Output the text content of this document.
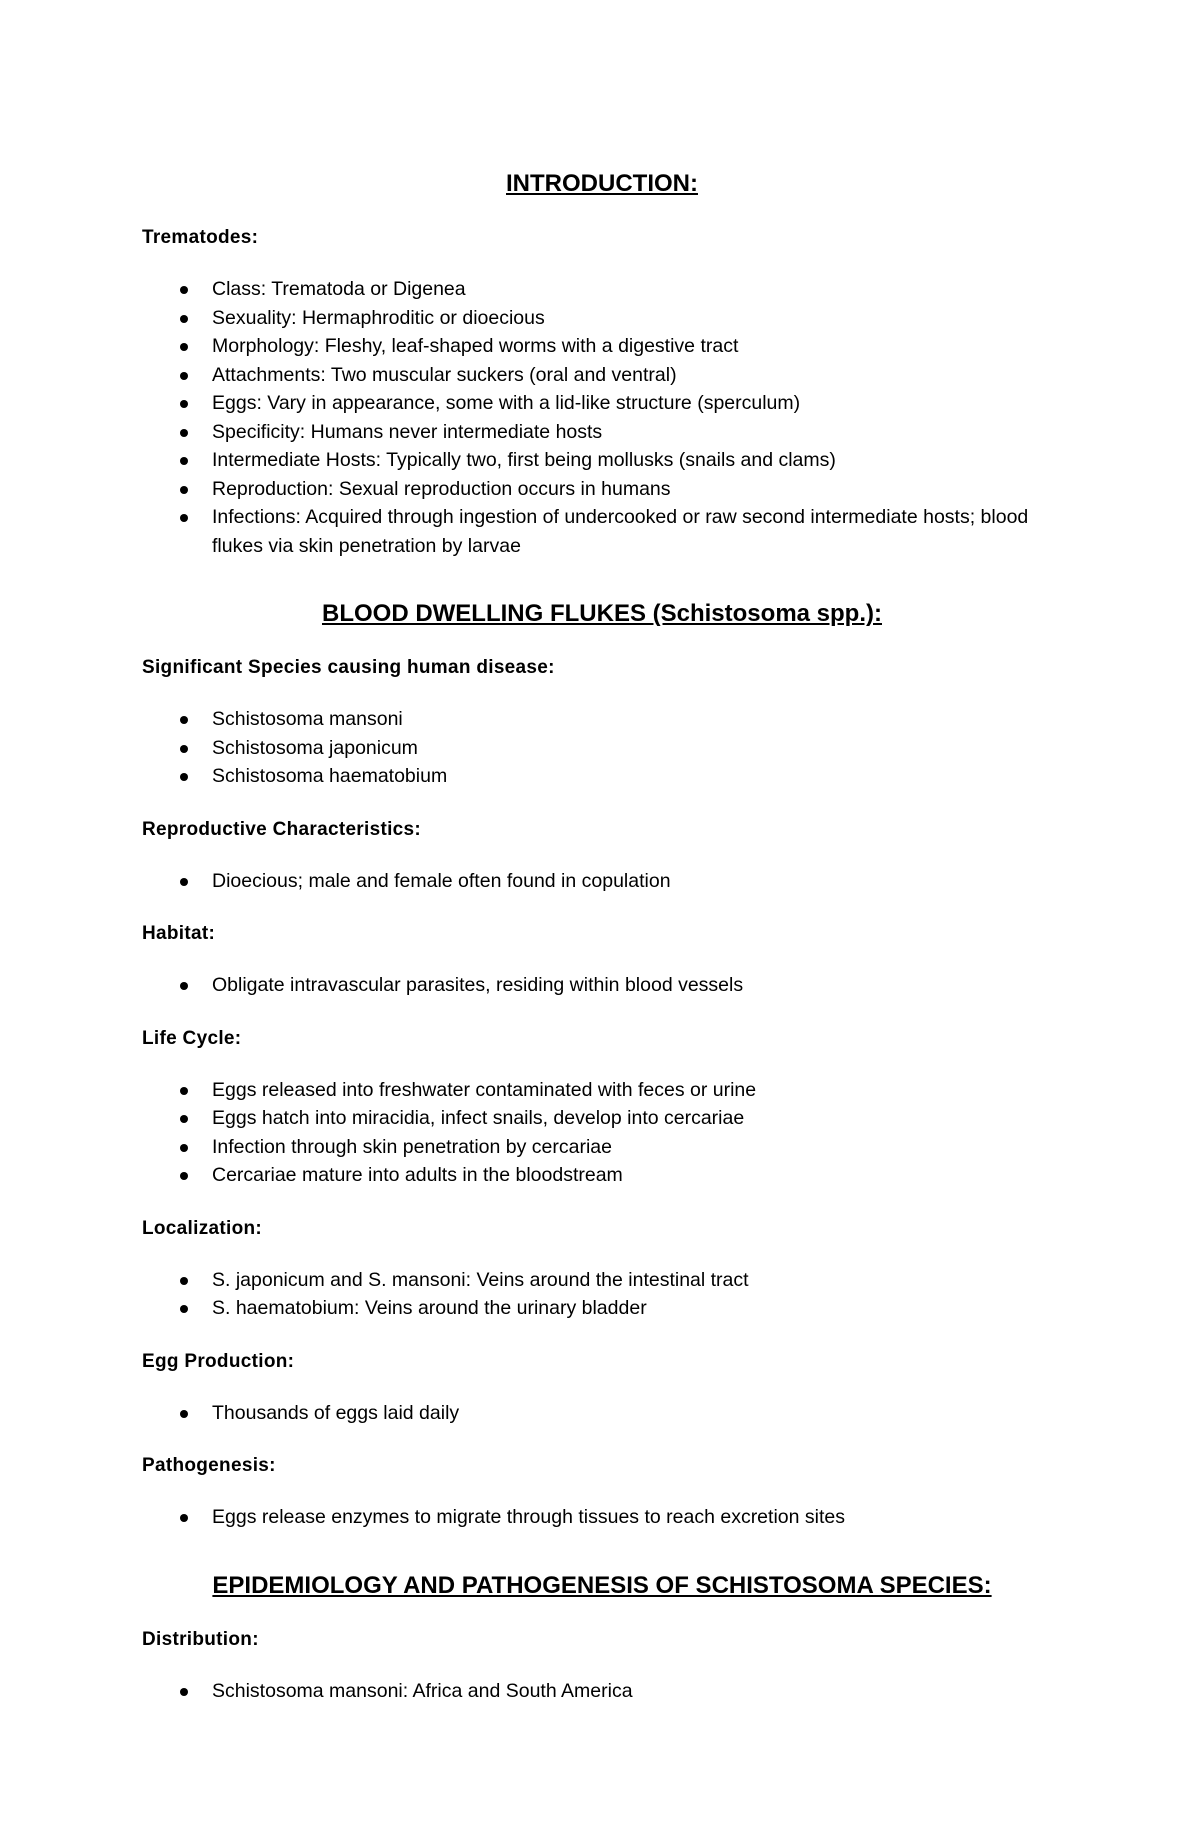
INTRODUCTION:

Trematodes:

Class: Trematoda or Digenea
Sexuality: Hermaphroditic or dioecious
Morphology: Fleshy, leaf-shaped worms with a digestive tract
Attachments: Two muscular suckers (oral and ventral)
Eggs: Vary in appearance, some with a lid-like structure (sperculum)
Specificity: Humans never intermediate hosts
Intermediate Hosts: Typically two, first being mollusks (snails and clams)
Reproduction: Sexual reproduction occurs in humans
Infections: Acquired through ingestion of undercooked or raw second intermediate hosts; blood flukes via skin penetration by larvae
BLOOD DWELLING FLUKES (Schistosoma spp.):

Significant Species causing human disease:

Schistosoma mansoni
Schistosoma japonicum
Schistosoma haematobium

Reproductive Characteristics:

Dioecious; male and female often found in copulation

Habitat:

Obligate intravascular parasites, residing within blood vessels

Life Cycle:

Eggs released into freshwater contaminated with feces or urine
Eggs hatch into miracidia, infect snails, develop into cercariae
Infection through skin penetration by cercariae
Cercariae mature into adults in the bloodstream

Localization:

S. japonicum and S. mansoni: Veins around the intestinal tract
S. haematobium: Veins around the urinary bladder

Egg Production:

Thousands of eggs laid daily

Pathogenesis:

Eggs release enzymes to migrate through tissues to reach excretion sites
EPIDEMIOLOGY AND PATHOGENESIS OF SCHISTOSOMA SPECIES:

Distribution:

Schistosoma mansoni: Africa and South America
